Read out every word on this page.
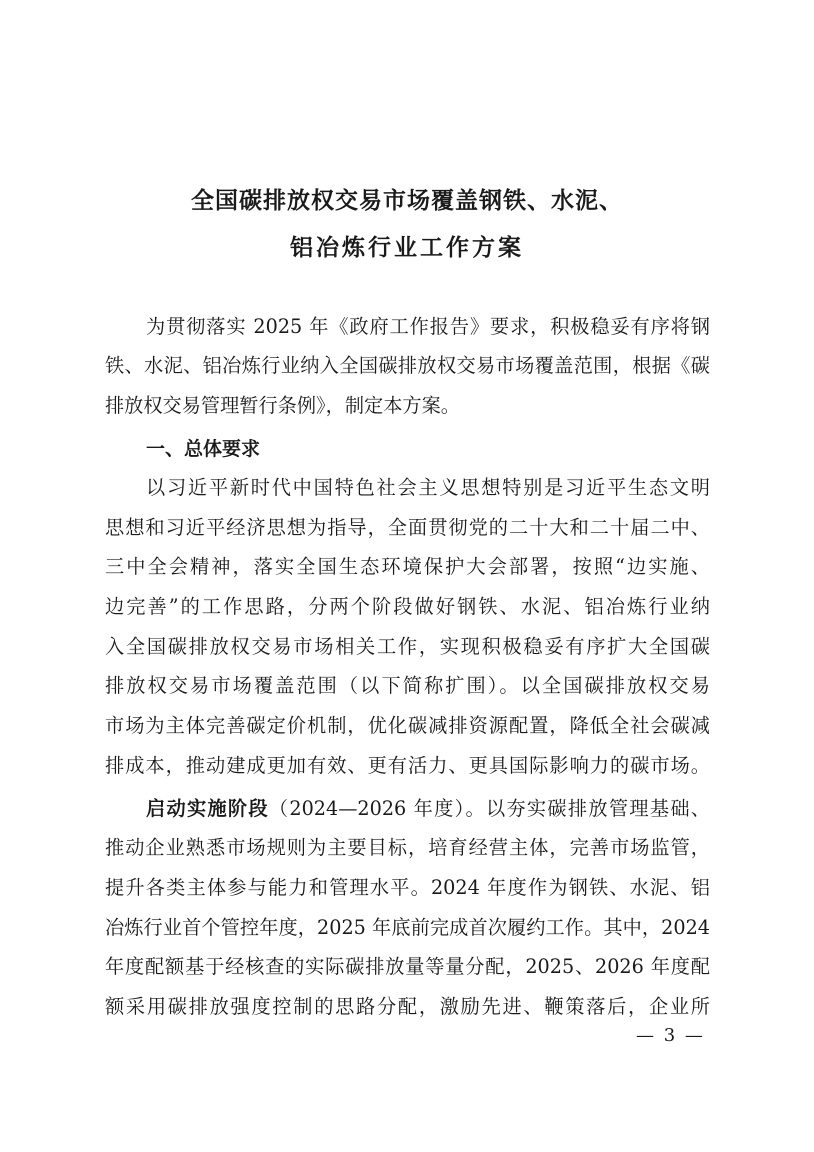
全国碳排放权交易市场覆盖钢铁、水泥、
铝冶炼行业工作方案
为贯彻落实 2025 年《政府工作报告》要求，积极稳妥有序将钢
铁、水泥、铝冶炼行业纳入全国碳排放权交易市场覆盖范围，根据《碳
排放权交易管理暂行条例》，制定本方案。
一、总体要求
以习近平新时代中国特色社会主义思想特别是习近平生态文明
思想和习近平经济思想为指导，全面贯彻党的二十大和二十届二中、
三中全会精神，落实全国生态环境保护大会部署，按照“边实施、
边完善”的工作思路，分两个阶段做好钢铁、水泥、铝冶炼行业纳
入全国碳排放权交易市场相关工作，实现积极稳妥有序扩大全国碳
排放权交易市场覆盖范围（以下简称扩围）。以全国碳排放权交易
市场为主体完善碳定价机制，优化碳减排资源配置，降低全社会碳减
排成本，推动建成更加有效、更有活力、更具国际影响力的碳市场。
启动实施阶段（2024—2026 年度）。以夯实碳排放管理基础、
推动企业熟悉市场规则为主要目标，培育经营主体，完善市场监管，
提升各类主体参与能力和管理水平。2024 年度作为钢铁、水泥、铝
冶炼行业首个管控年度，2025 年底前完成首次履约工作。其中，2024
年度配额基于经核查的实际碳排放量等量分配，2025、2026 年度配
额采用碳排放强度控制的思路分配，激励先进、鞭策落后，企业所
— 3 —
